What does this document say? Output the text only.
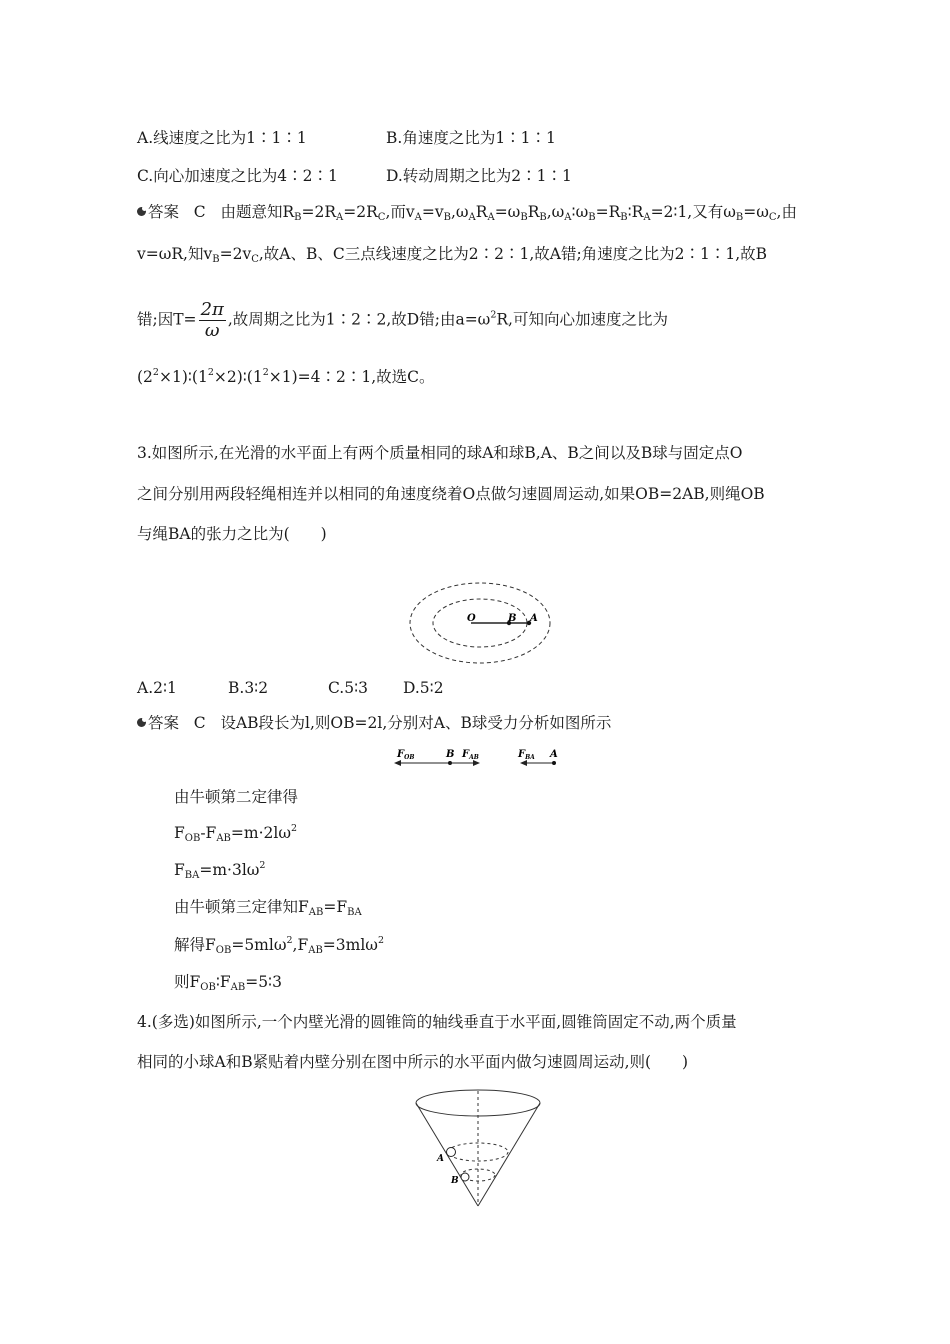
A.线速度之比为1∶1∶1	B.角速度之比为1∶1∶1
C.向心加速度之比为4∶2∶1	D.转动周期之比为2∶1∶1
答案 C   由题意知$R_B=2R_A=2R_C$,而$v_A=v_B,\omega_AR_A=\omega_BR_B,\omega_A∶\omega_B=R_B∶R_A=2∶1$,又有$\omega_B=\omega_C$,由
v=ωR,知$v_B=2v_C$,故A、B、C三点线速度之比为2∶2∶1,故A错;角速度之比为2∶1∶1,故B
错;因$T= \frac{2\pi}{\omega}$ ,故周期之比为1∶2∶2,故D错;由$a=\omega^2R$,可知向心加速度之比为
$(2^2\times 1)∶(1^2\times 2)∶(1^2\times 1)=4∶2∶1$,故选C。
3.如图所示,在光滑的水平面上有两个质量相同的球A和球B,A、B之间以及B球与固定点O
之间分别用两段轻绳相连并以相同的角速度绕着O点做匀速圆周运动,如果OB=2AB,则绳OB
与绳BA的张力之比为(　　)
O	B A
A.2∶1	B.3∶2	C.5∶3 D.5∶2
答案 C 设AB段长为l,则OB=2l,分别对A、B球受力分析如图所示
$F_{OB}$	B $F_{AB}$	$F_{BA}$ A
由牛顿第二定律得
$F_{OB}-F_{AB}=m\cdot 2l\omega^2$
$F_{BA}=m\cdot 3l\omega^2$
由牛顿第三定律知$F_{AB}=F_{BA}$
解得$F_{OB}=5ml\omega^2,F_{AB}=3ml\omega^2$
则$F_{OB}∶F_{AB}=5∶3$
4.(多选)如图所示,一个内壁光滑的圆锥筒的轴线垂直于水平面,圆锥筒固定不动,两个质量
相同的小球A和B紧贴着内壁分别在图中所示的水平面内做匀速圆周运动,则(　　)
A
B
